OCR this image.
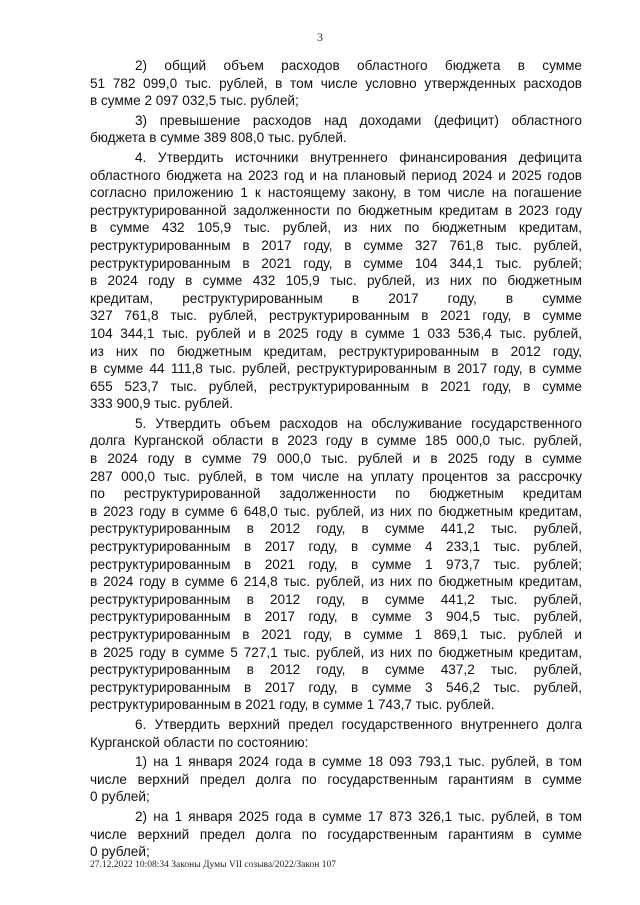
3
2) общий объем расходов областного бюджета в сумме
51 782 099,0 тыс. рублей, в том числе условно утвержденных расходов
в сумме 2 097 032,5 тыс. рублей;
3) превышение расходов над доходами (дефицит) областного
бюджета в сумме 389 808,0 тыс. рублей.
4. Утвердить источники внутреннего финансирования дефицита
областного бюджета на 2023 год и на плановый период 2024 и 2025 годов
согласно приложению 1 к настоящему закону, в том числе на погашение
реструктурированной задолженности по бюджетным кредитам в 2023 году
в сумме 432 105,9 тыс. рублей, из них по бюджетным кредитам,
реструктурированным в 2017 году, в сумме 327 761,8 тыс. рублей,
реструктурированным в 2021 году, в сумме 104 344,1 тыс. рублей;
в 2024 году в сумме 432 105,9 тыс. рублей, из них по бюджетным
кредитам, реструктурированным в 2017 году, в сумме
327 761,8 тыс. рублей, реструктурированным в 2021 году, в сумме
104 344,1 тыс. рублей и в 2025 году в сумме 1 033 536,4 тыс. рублей,
из них по бюджетным кредитам, реструктурированным в 2012 году,
в сумме 44 111,8 тыс. рублей, реструктурированным в 2017 году, в сумме
655 523,7 тыс. рублей, реструктурированным в 2021 году, в сумме
333 900,9 тыс. рублей.
5. Утвердить объем расходов на обслуживание государственного
долга Курганской области в 2023 году в сумме 185 000,0 тыс. рублей,
в 2024 году в сумме 79 000,0 тыс. рублей и в 2025 году в сумме
287 000,0 тыс. рублей, в том числе на уплату процентов за рассрочку
по реструктурированной задолженности по бюджетным кредитам
в 2023 году в сумме 6 648,0 тыс. рублей, из них по бюджетным кредитам,
реструктурированным в 2012 году, в сумме 441,2 тыс. рублей,
реструктурированным в 2017 году, в сумме 4 233,1 тыс. рублей,
реструктурированным в 2021 году, в сумме 1 973,7 тыс. рублей;
в 2024 году в сумме 6 214,8 тыс. рублей, из них по бюджетным кредитам,
реструктурированным в 2012 году, в сумме 441,2 тыс. рублей,
реструктурированным в 2017 году, в сумме 3 904,5 тыс. рублей,
реструктурированным в 2021 году, в сумме 1 869,1 тыс. рублей и
в 2025 году в сумме 5 727,1 тыс. рублей, из них по бюджетным кредитам,
реструктурированным в 2012 году, в сумме 437,2 тыс. рублей,
реструктурированным в 2017 году, в сумме 3 546,2 тыс. рублей,
реструктурированным в 2021 году, в сумме 1 743,7 тыс. рублей.
6. Утвердить верхний предел государственного внутреннего долга
Курганской области по состоянию:
1) на 1 января 2024 года в сумме 18 093 793,1 тыс. рублей, в том
числе верхний предел долга по государственным гарантиям в сумме
0 рублей;
2) на 1 января 2025 года в сумме 17 873 326,1 тыс. рублей, в том
числе верхний предел долга по государственным гарантиям в сумме
0 рублей;
27.12.2022 10:08:34 Законы Думы VII созыва/2022/Закон 107
